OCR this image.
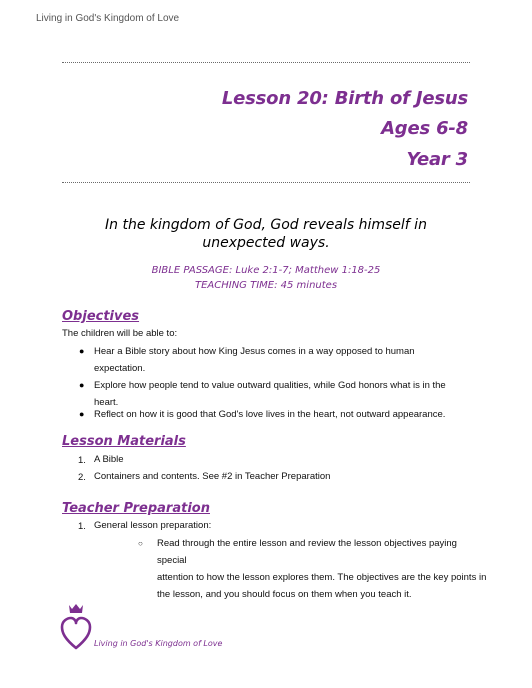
Living in God's Kingdom of Love
Lesson 20: Birth of Jesus
Ages 6-8
Year 3
In the kingdom of God, God reveals himself in
unexpected ways.
BIBLE PASSAGE: Luke 2:1-7; Matthew 1:18-25
TEACHING TIME: 45 minutes
Objectives
The children will be able to:
● Hear a Bible story about how King Jesus comes in a way opposed to human
expectation.
● Explore how people tend to value outward qualities, while God honors what is in the
heart.
● Reflect on how it is good that God's love lives in the heart, not outward appearance.
Lesson Materials
1. A Bible
2. Containers and contents. See #2 in Teacher Preparation
Teacher Preparation
1. General lesson preparation:
○ Read through the entire lesson and review the lesson objectives paying special
attention to how the lesson explores them. The objectives are the key points in
the lesson, and you should focus on them when you teach it.
Living in God's Kingdom of Love
